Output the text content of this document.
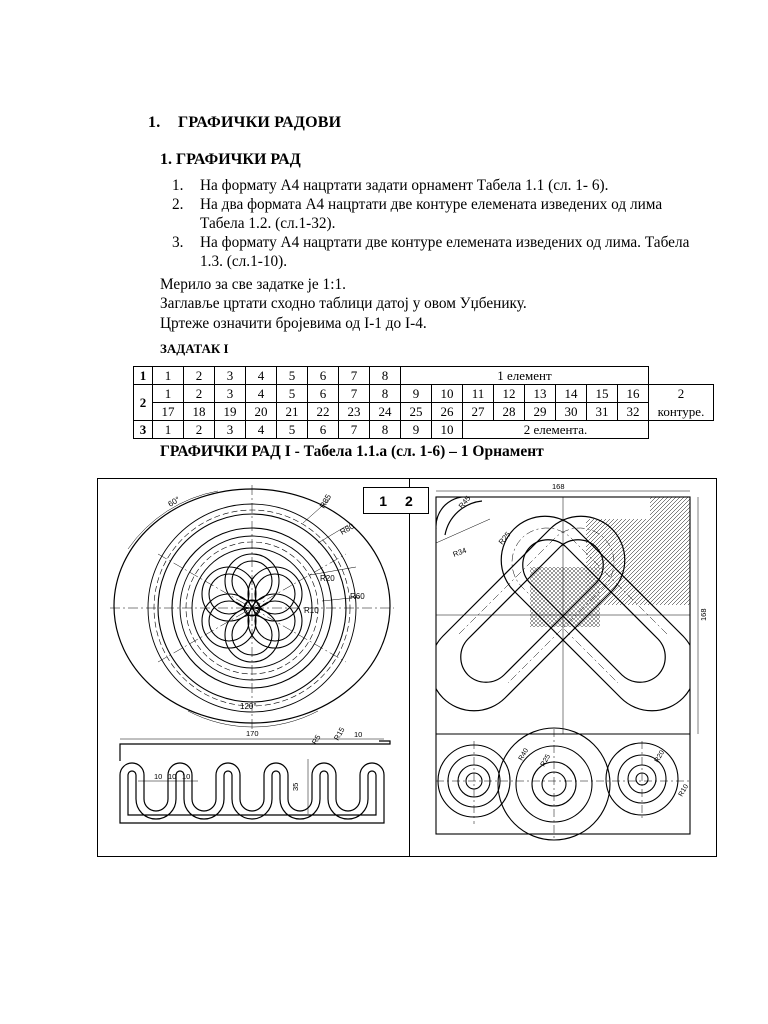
1. ГРАФИЧКИ РАДОВИ
1. ГРАФИЧКИ РАД
1. На формату А4 нацртати задати орнамент Табела 1.1 (сл. 1- 6).
2. На два формата А4 нацртати две контуре елемената изведених од лима Табела 1.2. (сл.1-32).
3. На формату А4 нацртати две контуре елемената изведених од лима. Табела 1.3. (сл.1-10).
Мерило за све задатке је 1:1.
Заглавље цртати сходно таблици датој у овом Уџбенику.
Цртеже означити бројевима од I-1 до I-4.
ЗАДАТАК I
1	1	2	3	4	5	6	7	8	1 елемент								
2	1	2	3	4	5	6	7	8	9	10	11	12	13	14	15	16	2
	17	18	19	20	21	22	23	24	25	26	27	28	29	30	31	32	контуре.
3	1	2	3	4	5	6	7	8	9	10	2 елемента.						
ГРАФИЧКИ РАД I - Табела 1.1.а (сл. 1-6) – 1 Орнамент
60°	R85
R80
R60
R20
R10
120°
170
10 10 10
35
R15
R5	10
168
R45
R25
R34
168
R40 R25	R20
R10
1 2
